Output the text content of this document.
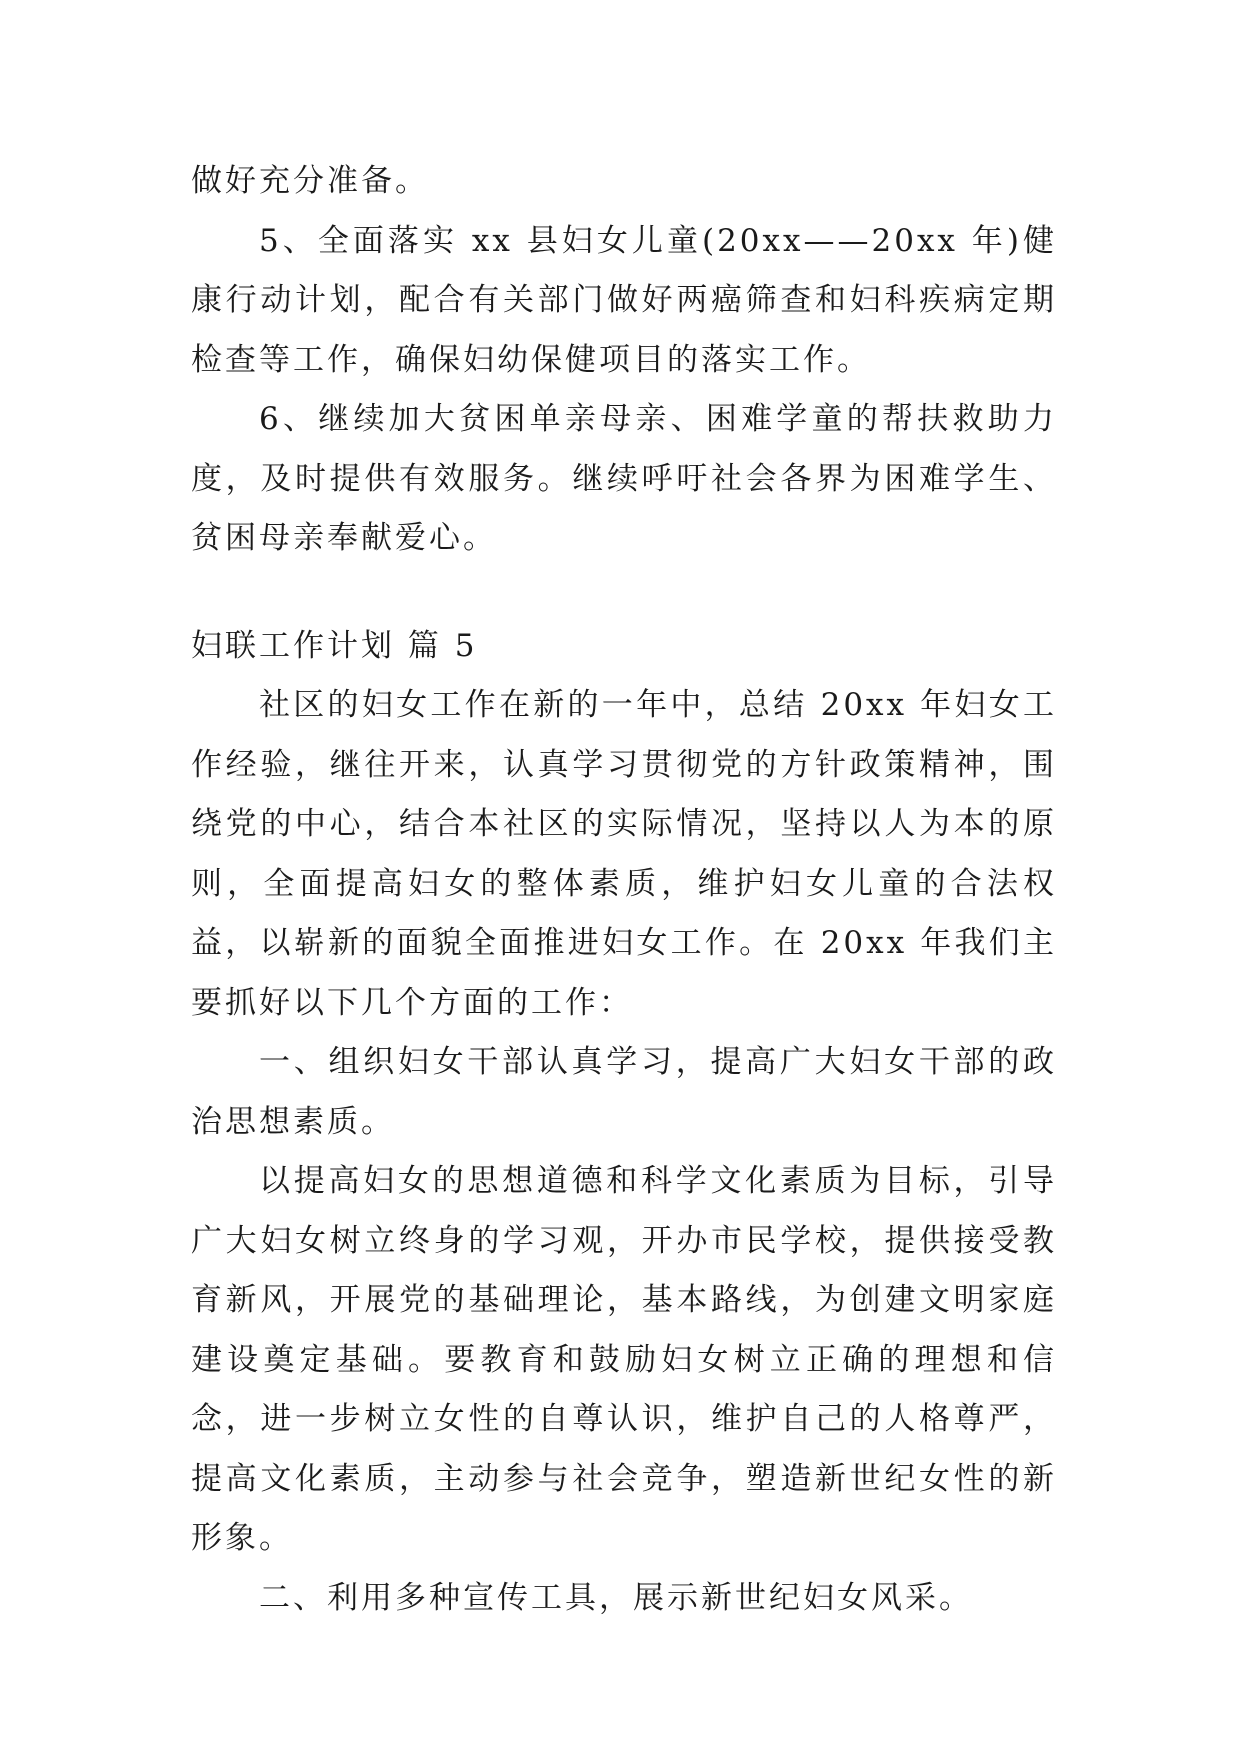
做好充分准备。

5、全面落实 xx 县妇女儿童(20xx——20xx 年)健康行动计划，配合有关部门做好两癌筛查和妇科疾病定期检查等工作，确保妇幼保健项目的落实工作。

6、继续加大贫困单亲母亲、困难学童的帮扶救助力度，及时提供有效服务。继续呼吁社会各界为困难学生、贫困母亲奉献爱心。

妇联工作计划 篇 5

社区的妇女工作在新的一年中，总结 20xx 年妇女工作经验，继往开来，认真学习贯彻党的方针政策精神，围绕党的中心，结合本社区的实际情况，坚持以人为本的原则，全面提高妇女的整体素质，维护妇女儿童的合法权益，以崭新的面貌全面推进妇女工作。在 20xx 年我们主要抓好以下几个方面的工作：

一、组织妇女干部认真学习，提高广大妇女干部的政治思想素质。

以提高妇女的思想道德和科学文化素质为目标，引导广大妇女树立终身的学习观，开办市民学校，提供接受教育新风，开展党的基础理论，基本路线，为创建文明家庭建设奠定基础。要教育和鼓励妇女树立正确的理想和信念，进一步树立女性的自尊认识，维护自己的人格尊严，提高文化素质，主动参与社会竞争，塑造新世纪女性的新形象。

二、利用多种宣传工具，展示新世纪妇女风采。
